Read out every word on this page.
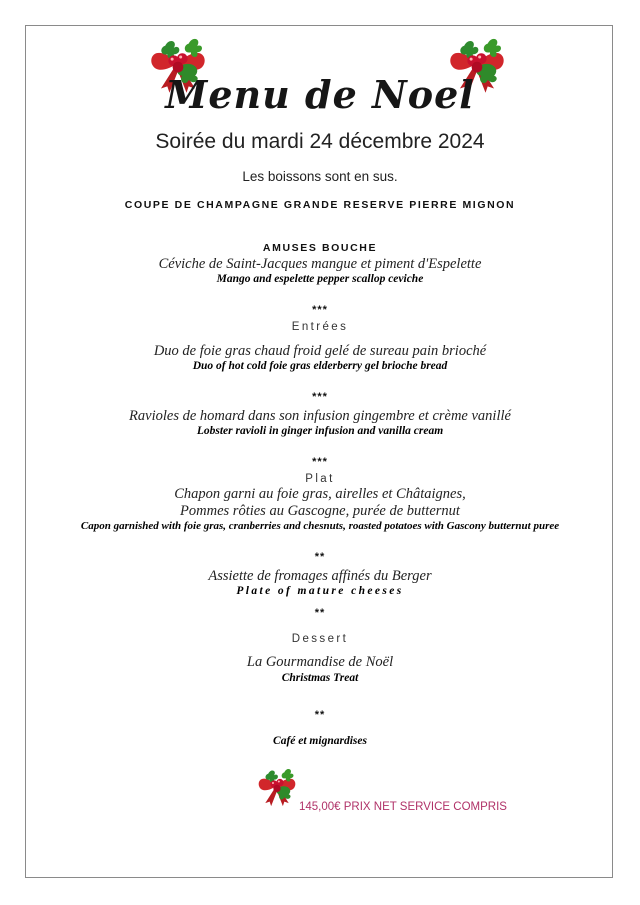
Menu de Noel
Soirée du mardi 24 décembre 2024
Les boissons sont en sus.
COUPE DE CHAMPAGNE GRANDE RESERVE PIERRE MIGNON
AMUSES BOUCHE
Céviche de Saint-Jacques mangue et piment d'Espelette
Mango and espelette pepper scallop ceviche
***
Entrées
Duo de foie gras chaud froid gelé de sureau pain brioché
Duo of hot cold foie gras elderberry gel brioche bread
***
Ravioles de homard dans son infusion gingembre et crème vanillé
Lobster ravioli in ginger infusion and vanilla cream
***
Plat
Chapon garni au foie gras, airelles et Châtaignes,
Pommes rôties au Gascogne, purée de butternut
Capon garnished with foie gras, cranberries and chesnuts, roasted potatoes with Gascony butternut puree
**
Assiette de fromages affinés du Berger
Plate of mature cheeses
**
Dessert
La Gourmandise de Noël
Christmas Treat
**
Café et mignardises
145,00€ PRIX NET SERVICE COMPRIS
